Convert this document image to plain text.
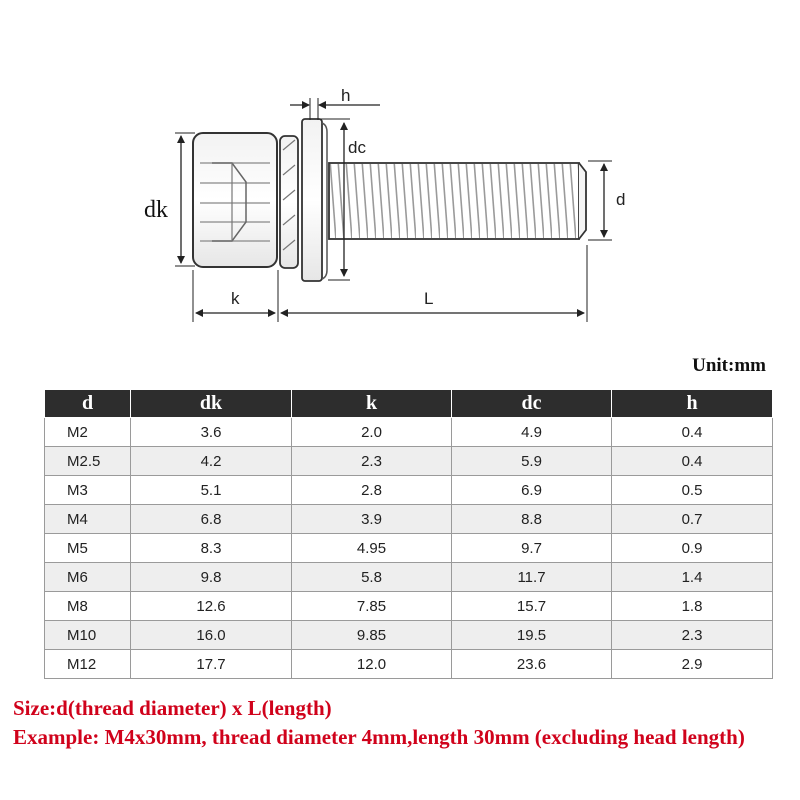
dk
h
dc
d
k	L
Unit:mm
d	dk	k	dc	h
M2	3.6	2.0	4.9	0.4
M2.5	4.2	2.3	5.9	0.4
M3	5.1	2.8	6.9	0.5
M4	6.8	3.9	8.8	0.7
M5	8.3	4.95	9.7	0.9
M6	9.8	5.8	11.7	1.4
M8	12.6	7.85	15.7	1.8
M10	16.0	9.85	19.5	2.3
M12	17.7	12.0	23.6	2.9
Size:d(thread diameter) x L(length)
Example: M4x30mm, thread diameter 4mm,length 30mm (excluding head length)
